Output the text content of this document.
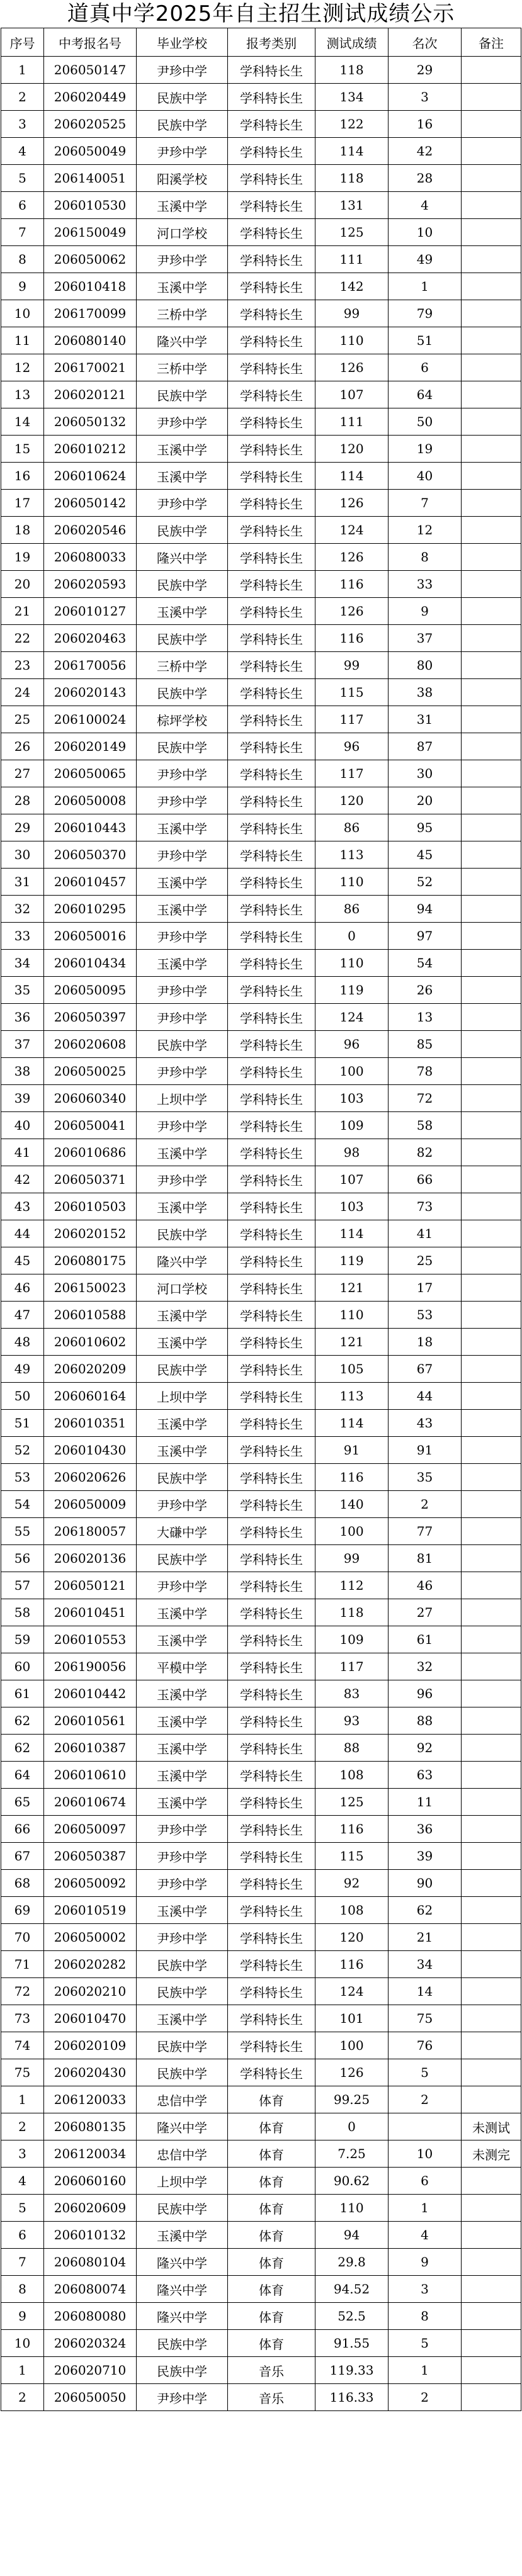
道真中学2025年自主招生测试成绩公示
序号	中考报名号	毕业学校	报考类别	测试成绩	名次	备注
1	206050147	尹珍中学	学科特长生	118	29	
2	206020449	民族中学	学科特长生	134	3	
3	206020525	民族中学	学科特长生	122	16	
4	206050049	尹珍中学	学科特长生	114	42	
5	206140051	阳溪学校	学科特长生	118	28	
6	206010530	玉溪中学	学科特长生	131	4	
7	206150049	河口学校	学科特长生	125	10	
8	206050062	尹珍中学	学科特长生	111	49	
9	206010418	玉溪中学	学科特长生	142	1	
10	206170099	三桥中学	学科特长生	99	79	
11	206080140	隆兴中学	学科特长生	110	51	
12	206170021	三桥中学	学科特长生	126	6	
13	206020121	民族中学	学科特长生	107	64	
14	206050132	尹珍中学	学科特长生	111	50	
15	206010212	玉溪中学	学科特长生	120	19	
16	206010624	玉溪中学	学科特长生	114	40	
17	206050142	尹珍中学	学科特长生	126	7	
18	206020546	民族中学	学科特长生	124	12	
19	206080033	隆兴中学	学科特长生	126	8	
20	206020593	民族中学	学科特长生	116	33	
21	206010127	玉溪中学	学科特长生	126	9	
22	206020463	民族中学	学科特长生	116	37	
23	206170056	三桥中学	学科特长生	99	80	
24	206020143	民族中学	学科特长生	115	38	
25	206100024	棕坪学校	学科特长生	117	31	
26	206020149	民族中学	学科特长生	96	87	
27	206050065	尹珍中学	学科特长生	117	30	
28	206050008	尹珍中学	学科特长生	120	20	
29	206010443	玉溪中学	学科特长生	86	95	
30	206050370	尹珍中学	学科特长生	113	45	
31	206010457	玉溪中学	学科特长生	110	52	
32	206010295	玉溪中学	学科特长生	86	94	
33	206050016	尹珍中学	学科特长生	0	97	
34	206010434	玉溪中学	学科特长生	110	54	
35	206050095	尹珍中学	学科特长生	119	26	
36	206050397	尹珍中学	学科特长生	124	13	
37	206020608	民族中学	学科特长生	96	85	
38	206050025	尹珍中学	学科特长生	100	78	
39	206060340	上坝中学	学科特长生	103	72	
40	206050041	尹珍中学	学科特长生	109	58	
41	206010686	玉溪中学	学科特长生	98	82	
42	206050371	尹珍中学	学科特长生	107	66	
43	206010503	玉溪中学	学科特长生	103	73	
44	206020152	民族中学	学科特长生	114	41	
45	206080175	隆兴中学	学科特长生	119	25	
46	206150023	河口学校	学科特长生	121	17	
47	206010588	玉溪中学	学科特长生	110	53	
48	206010602	玉溪中学	学科特长生	121	18	
49	206020209	民族中学	学科特长生	105	67	
50	206060164	上坝中学	学科特长生	113	44	
51	206010351	玉溪中学	学科特长生	114	43	
52	206010430	玉溪中学	学科特长生	91	91	
53	206020626	民族中学	学科特长生	116	35	
54	206050009	尹珍中学	学科特长生	140	2	
55	206180057	大磏中学	学科特长生	100	77	
56	206020136	民族中学	学科特长生	99	81	
57	206050121	尹珍中学	学科特长生	112	46	
58	206010451	玉溪中学	学科特长生	118	27	
59	206010553	玉溪中学	学科特长生	109	61	
60	206190056	平模中学	学科特长生	117	32	
61	206010442	玉溪中学	学科特长生	83	96	
62	206010561	玉溪中学	学科特长生	93	88	
62	206010387	玉溪中学	学科特长生	88	92	
64	206010610	玉溪中学	学科特长生	108	63	
65	206010674	玉溪中学	学科特长生	125	11	
66	206050097	尹珍中学	学科特长生	116	36	
67	206050387	尹珍中学	学科特长生	115	39	
68	206050092	尹珍中学	学科特长生	92	90	
69	206010519	玉溪中学	学科特长生	108	62	
70	206050002	尹珍中学	学科特长生	120	21	
71	206020282	民族中学	学科特长生	116	34	
72	206020210	民族中学	学科特长生	124	14	
73	206010470	玉溪中学	学科特长生	101	75	
74	206020109	民族中学	学科特长生	100	76	
75	206020430	民族中学	学科特长生	126	5	
1	206120033	忠信中学	体育	99.25	2	
2	206080135	隆兴中学	体育	0		未测试
3	206120034	忠信中学	体育	7.25	10	未测完
4	206060160	上坝中学	体育	90.62	6	
5	206020609	民族中学	体育	110	1	
6	206010132	玉溪中学	体育	94	4	
7	206080104	隆兴中学	体育	29.8	9	
8	206080074	隆兴中学	体育	94.52	3	
9	206080080	隆兴中学	体育	52.5	8	
10	206020324	民族中学	体育	91.55	5	
1	206020710	民族中学	音乐	119.33	1	
2	206050050	尹珍中学	音乐	116.33	2	
